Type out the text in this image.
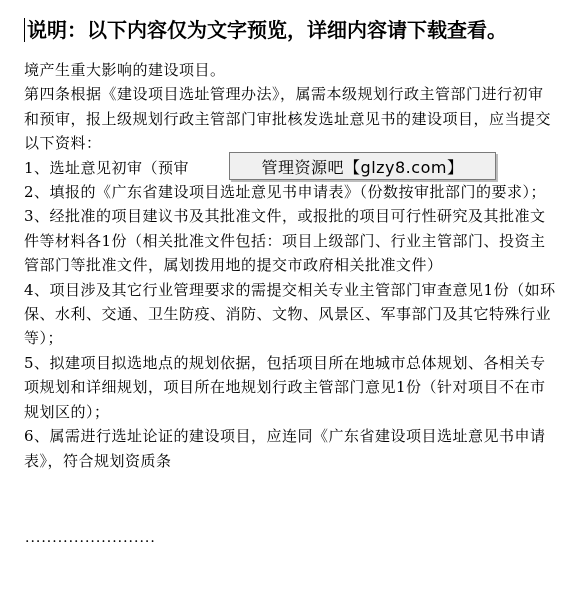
说明：以下内容仅为文字预览，详细内容请下载查看。

境产生重大影响的建设项目。

第四条根据《建设项目选址管理办法》，属需本级规划行政主管部门进行初审和预审，报上级规划行政主管部门审批核发选址意见书的建设项目，应当提交以下资料：

1、选址意见初审（预审

2、填报的《广东省建设项目选址意见书申请表》（份数按审批部门的要求）；

3、经批准的项目建议书及其批准文件，或报批的项目可行性研究及其批准文件等材料各1份（相关批准文件包括：项目上级部门、行业主管部门、投资主管部门等批准文件，属划拨用地的提交市政府相关批准文件）

4、项目涉及其它行业管理要求的需提交相关专业主管部门审查意见1份（如环保、水利、交通、卫生防疫、消防、文物、风景区、军事部门及其它特殊行业等）；

5、拟建项目拟选地点的规划依据，包括项目所在地城市总体规划、各相关专项规划和详细规划，项目所在地规划行政主管部门意见1份（针对项目不在市规划区的）；

6、属需进行选址论证的建设项目，应连同《广东省建设项目选址意见书申请表》，符合规划资质条

管理资源吧【glzy8.com】
························
